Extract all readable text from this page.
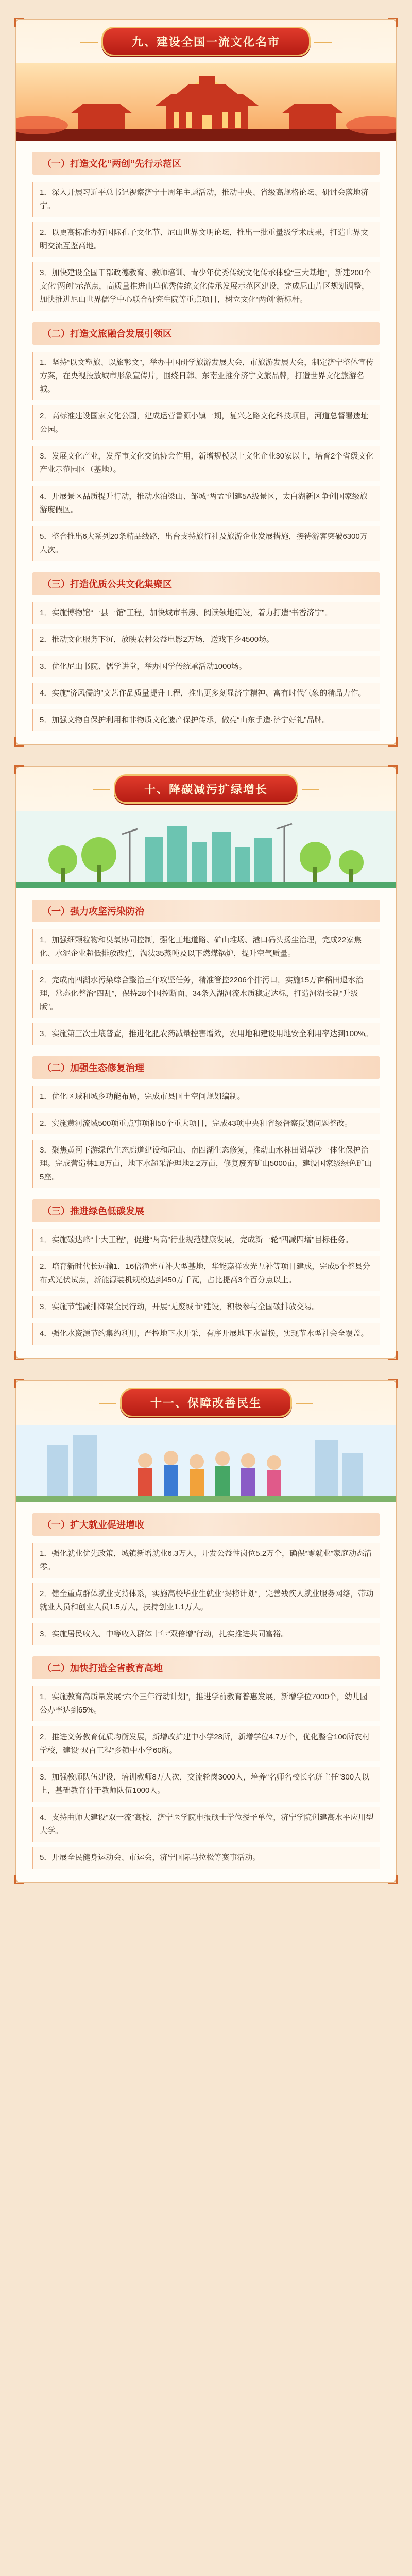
九、建设全国一流文化名市
（一）打造文化“两创”先行示范区

1．深入开展习近平总书记视察济宁十周年主题活动，推动中央、省级高规格论坛、研讨会落地济宁。

2．以更高标准办好国际孔子文化节、尼山世界文明论坛，推出一批重量级学术成果，打造世界文明交流互鉴高地。

3．加快建设全国干部政德教育、教师培训、青少年优秀传统文化传承体验“三大基地”，新建200个文化“两创”示范点，高质量推进曲阜优秀传统文化传承发展示范区建设，完成尼山片区规划调整，加快推进尼山世界儒学中心联合研究生院等重点项目，树立文化“两创”新标杆。

（二）打造文旅融合发展引领区

1．坚持“以文塑旅、以旅彰文”，举办中国研学旅游发展大会，市旅游发展大会，制定济宁整体宣传方案，在央视投放城市形象宣传片，围绕日韩、东南亚推介济宁文旅品牌，打造世界文化旅游名城。

2．高标准建设国家文化公园，建成运营鲁源小镇一期，复兴之路文化科技项目，河道总督署遗址公园。

3．发展文化产业，发挥市文化交流协会作用，新增规模以上文化企业30家以上，培育2个省级文化产业示范园区（基地）。

4．开展景区品质提升行动，推动水泊梁山、邹城“两孟”创建5A级景区，太白湖新区争创国家级旅游度假区。

5．整合推出6大系列20条精品线路，出台支持旅行社及旅游企业发展措施，接待游客突破6300万人次。

（三）打造优质公共文化集聚区

1．实施博物馆“一县一馆”工程，加快城市书房、阅读领地建设，着力打造“书香济宁”。

2．推动文化服务下沉，放映农村公益电影2万场，送戏下乡4500场。

3．优化尼山书院、儒学讲堂，举办国学传统承活动1000场。

4．实施“济风儒韵”文艺作品质量提升工程，推出更多刻显济宁精神、富有时代气象的精品力作。

5．加强文物自保护利用和非物质文化遗产保护传承，做亮“山东手造·济宁好礼”品牌。

十、降碳减污扩绿增长
（一）强力攻坚污染防治

1．加强细颗粒物和臭氧协同控制，强化工地道路、矿山堆场、港口码头扬尘治理，完成22家焦化、水泥企业超低排放改造，淘汰35蒸吨及以下燃煤锅炉，提升空气质量。

2．完成南四湖水污染综合整治三年攻坚任务，精准管控2206个排污口，实施15万亩稻田退水治理，常态化整治“四乱”，保持28个国控断面、34条入湖河流水质稳定达标，打造河湖长制“升级版”。

3．实施第三次土壤普查，推进化肥农药减量控害增效，农用地和建设用地安全利用率达到100%。

（二）加强生态修复治理

1．优化区域和城乡功能布局，完成市县国土空间规划编制。

2．实施黄河流域500项重点事项和50个重大项目，完成43项中央和省级督察反馈问题整改。

3．聚焦黄河下游绿色生态廊道建设和尼山、南四湖生态修复，推动山水林田湖草沙一体化保护治理。完成营造林1.8万亩，地下水超采治理地2.2万亩，修复废弃矿山5000亩，建设国家级绿色矿山5座。

（三）推进绿色低碳发展

1．实施碳达峰“十大工程”，促进“两高”行业规范健康发展，完成新一轮“四减四增”目标任务。

2．培育新时代长远输1．16倍渔光互补大型基地，华能嘉祥农光互补等项目建成，完成5个整县分布式光伏试点，新能源装机规模达到450万千瓦，占比提高3个百分点以上。

3．实施节能减排降碳全民行动，开展“无废城市”建设，积极参与全国碳排放交易。

4．强化水资源节约集约利用，严控地下水开采，有序开展地下水置换，实现节水型社会全覆盖。

十一、保障改善民生
（一）扩大就业促进增收

1．强化就业优先政策，城镇新增就业6.3万人，开发公益性岗位5.2万个，确保“零就业”家庭动态清零。

2．健全重点群体就业支持体系，实施高校毕业生就业“揭榜计划”，完善残疾人就业服务网络，带动就业人员和创业人员1.5万人，扶持创业1.1万人。

3．实施居民收入、中等收入群体十年“双倍增”行动，扎实推进共同富裕。

（二）加快打造全省教育高地

1．实施教育高质量发展“六个三年行动计划”，推进学前教育普惠发展，新增学位7000个，幼儿园公办率达到65%。

2．推进义务教育优质均衡发展，新增改扩建中小学28所，新增学位4.7万个，优化整合100所农村学校，建设“双百工程”乡镇中小学60所。

3．加强教师队伍建设，培训教师8万人次，交流轮岗3000人，培养“名师名校长名班主任”300人以上，基础教育骨干教师队伍1000人。

4．支持曲师大建设“双一流”高校，济宁医学院申报硕士学位授予单位，济宁学院创建高水平应用型大学。

5．开展全民健身运动会、市运会，济宁国际马拉松等赛事活动。
